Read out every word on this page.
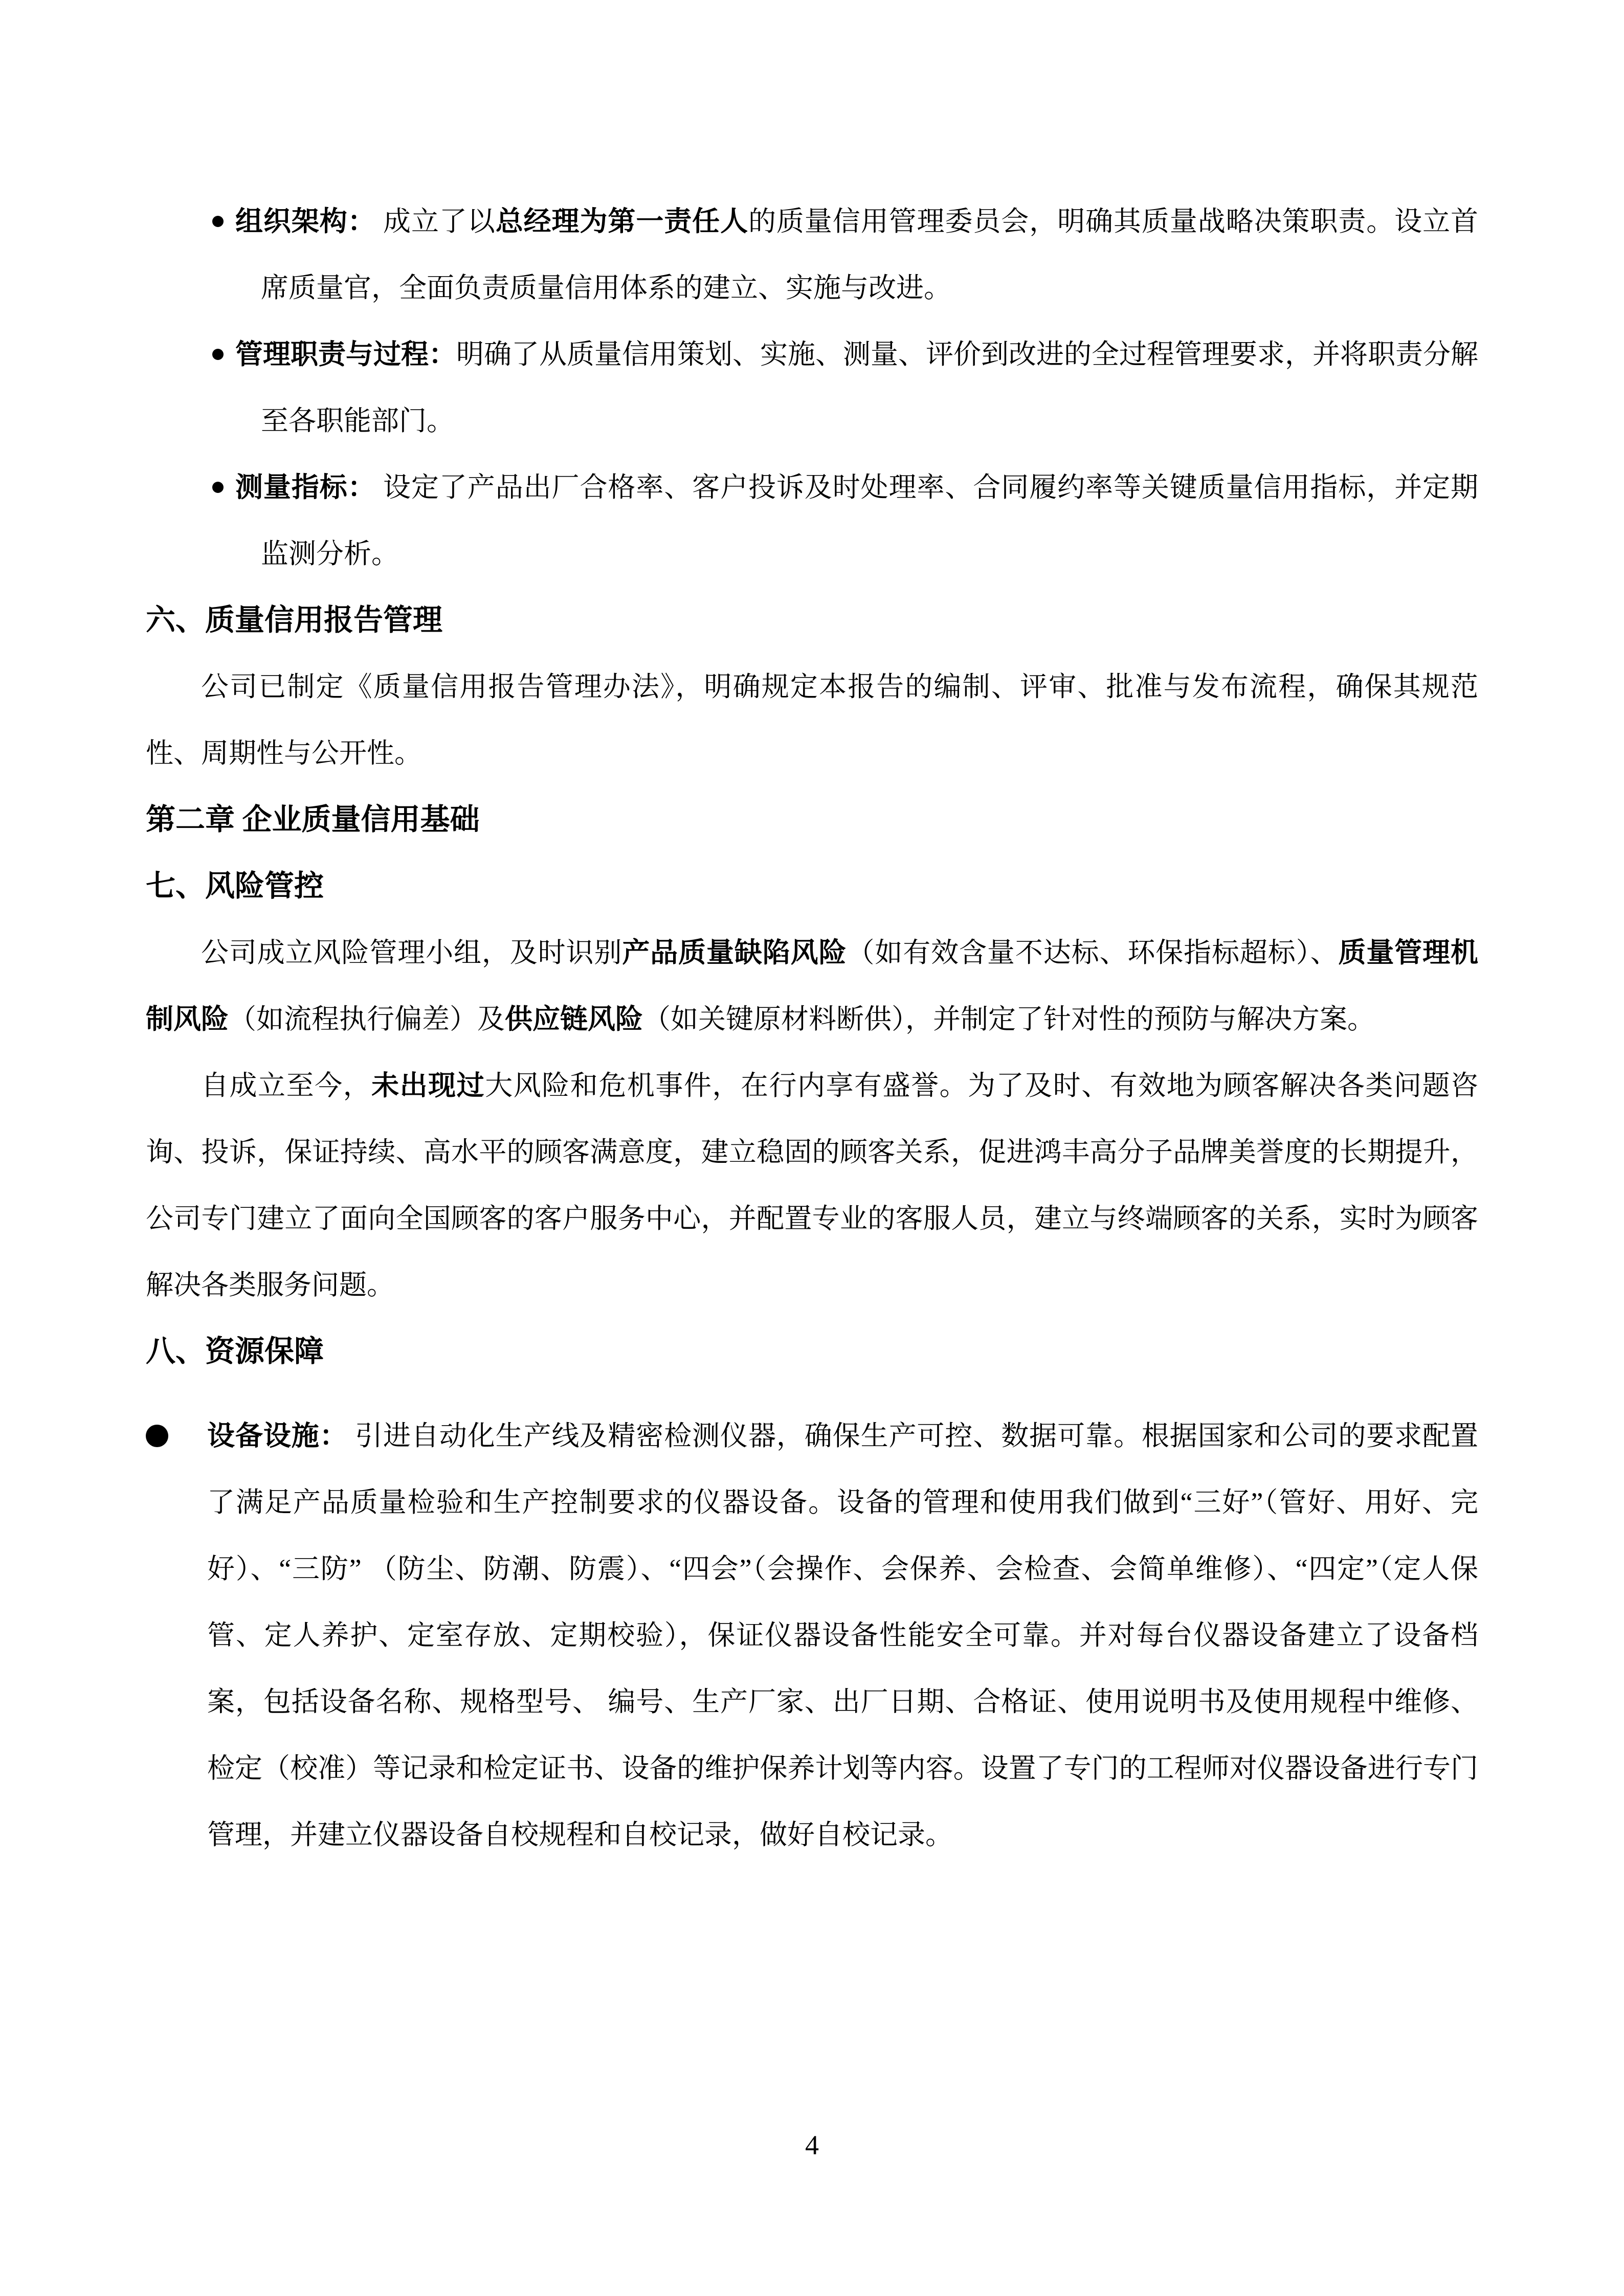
组织架构： 成立了以总经理为第一责任人的质量信用管理委员会，明确其质量战略决策职责。设立首席质量官，全面负责质量信用体系的建立、实施与改进。

管理职责与过程：明确了从质量信用策划、实施、测量、评价到改进的全过程管理要求，并将职责分解至各职能部门。

测量指标： 设定了产品出厂合格率、客户投诉及时处理率、合同履约率等关键质量信用指标，并定期监测分析。

六、质量信用报告管理

公司已制定《质量信用报告管理办法》，明确规定本报告的编制、评审、批准与发布流程，确保其规范性、周期性与公开性。

第二章 企业质量信用基础

七、风险管控

公司成立风险管理小组，及时识别产品质量缺陷风险（如有效含量不达标、环保指标超标）、质量管理机制风险（如流程执行偏差）及供应链风险（如关键原材料断供），并制定了针对性的预防与解决方案。

自成立至今，未出现过大风险和危机事件，在行内享有盛誉。为了及时、有效地为顾客解决各类问题咨询、投诉，保证持续、高水平的顾客满意度，建立稳固的顾客关系，促进鸿丰高分子品牌美誉度的长期提升，公司专门建立了面向全国顾客的客户服务中心，并配置专业的客服人员，建立与终端顾客的关系，实时为顾客解决各类服务问题。

八、资源保障

设备设施： 引进自动化生产线及精密检测仪器，确保生产可控、数据可靠。根据国家和公司的要求配置了满足产品质量检验和生产控制要求的仪器设备。设备的管理和使用我们做到“三好”（管好、用好、完好）、“三防” （防尘、防潮、防震）、“四会”（会操作、会保养、会检查、会简单维修）、“四定”（定人保管、定人养护、定室存放、定期校验），保证仪器设备性能安全可靠。并对每台仪器设备建立了设备档案，包括设备名称、规格型号、 编号、生产厂家、出厂日期、合格证、使用说明书及使用规程中维修、检定（校准）等记录和检定证书、设备的维护保养计划等内容。设置了专门的工程师对仪器设备进行专门管理，并建立仪器设备自校规程和自校记录，做好自校记录。

4
